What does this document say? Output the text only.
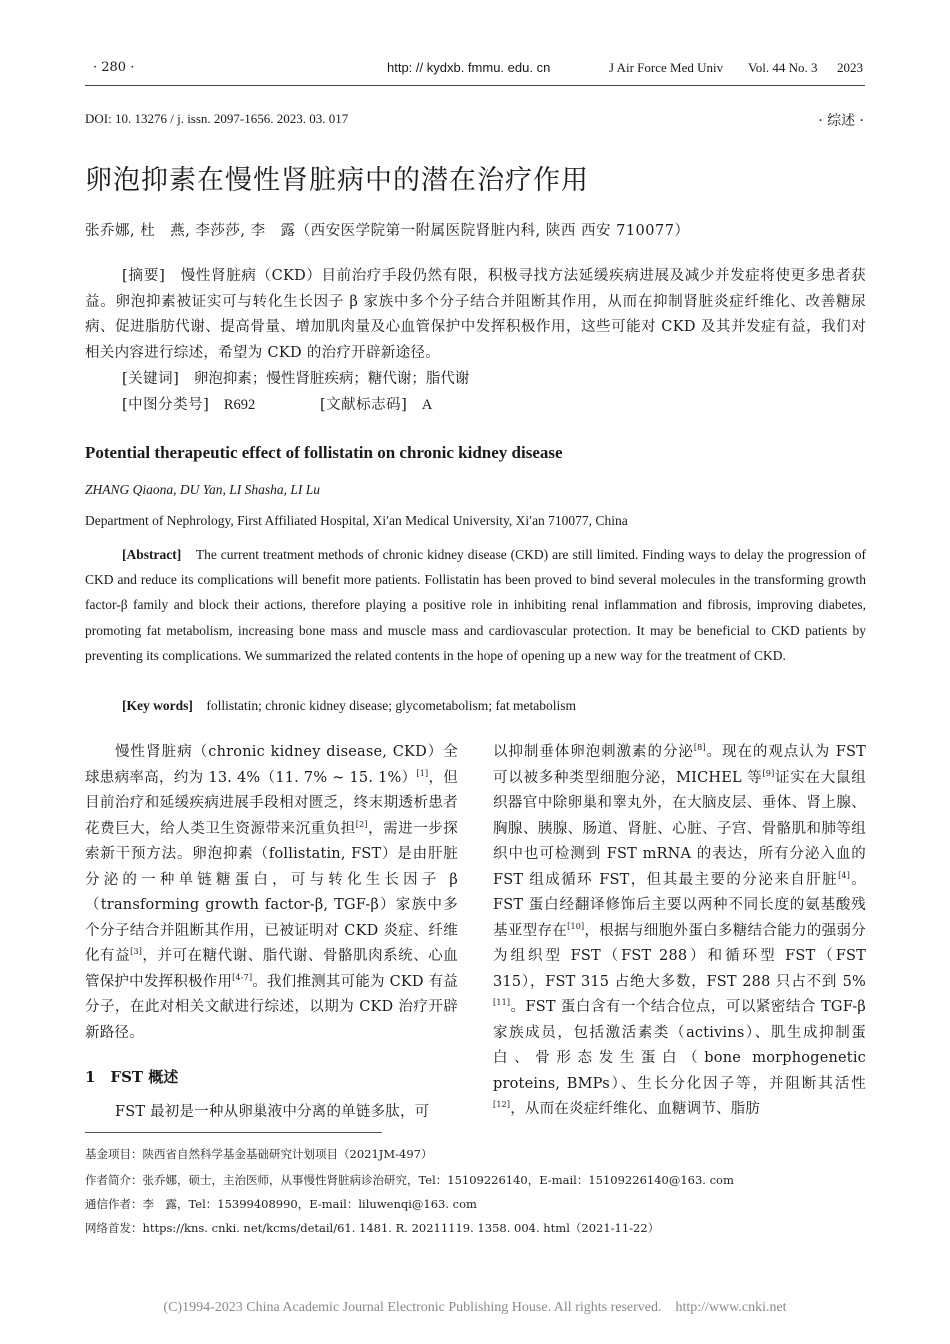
· 280 ·	http: // kydxb. fmmu. edu. cn	J Air Force Med Univ Vol. 44 No. 3 2023
DOI: 10. 13276 / j. issn. 2097-1656. 2023. 03. 017	· 综述 ·
卵泡抑素在慢性肾脏病中的潜在治疗作用
张乔娜, 杜　燕, 李莎莎, 李　露（西安医学院第一附属医院肾脏内科, 陕西 西安 710077）
[摘要]　 慢性肾脏病（CKD）目前治疗手段仍然有限，积极寻找方法延缓疾病进展及减少并发症将使更多患者获益。卵泡抑素被证实可与转化生长因子 β 家族中多个分子结合并阻断其作用，从而在抑制肾脏炎症纤维化、改善糖尿病、促进脂肪代谢、提高骨量、增加肌肉量及心血管保护中发挥积极作用，这些可能对 CKD 及其并发症有益，我们对相关内容进行综述，希望为 CKD 的治疗开辟新途径。
[关键词]　 卵泡抑素；慢性肾脏疾病；糖代谢；脂代谢
[中图分类号]　 R692	[文献标志码]　 A
Potential therapeutic effect of follistatin on chronic kidney disease
ZHANG Qiaona, DU Yan, LI Shasha, LI Lu
Department of Nephrology, First Affiliated Hospital, Xi′an Medical University, Xi′an 710077, China
[Abstract]　 The current treatment methods of chronic kidney disease (CKD) are still limited. Finding ways to delay the progression of CKD and reduce its complications will benefit more patients. Follistatin has been proved to bind several molecules in the transforming growth factor-β family and block their actions, therefore playing a positive role in inhibiting renal inflammation and fibrosis, improving diabetes, promoting fat metabolism, increasing bone mass and muscle mass and cardiovascular protection. It may be beneficial to CKD patients by preventing its complications. We summarized the related contents in the hope of opening up a new way for the treatment of CKD.
[Key words]　 follistatin; chronic kidney disease; glycometabolism; fat metabolism

慢性肾脏病（chronic kidney disease, CKD）全球患病率高，约为 13. 4%（11. 7% ~ 15. 1%）[1]，但目前治疗和延缓疾病进展手段相对匮乏，终末期透析患者花费巨大，给人类卫生资源带来沉重负担[2]，需进一步探索新干预方法。卵泡抑素（follistatin, FST）是由肝脏分泌的一种单链糖蛋白，可与转化生长因子 β（transforming growth factor-β, TGF-β）家族中多个分子结合并阻断其作用，已被证明对 CKD 炎症、纤维化有益[3]，并可在糖代谢、脂代谢、骨骼肌肉系统、心血管保护中发挥积极作用[4-7]。我们推测其可能为 CKD 有益分子，在此对相关文献进行综述，以期为 CKD 治疗开辟新路径。

1　FST 概述

FST 最初是一种从卵巢液中分离的单链多肽，可

以抑制垂体卵泡刺激素的分泌[8]。现在的观点认为 FST 可以被多种类型细胞分泌，MICHEL 等[9]证实在大鼠组织器官中除卵巢和睾丸外，在大脑皮层、垂体、肾上腺、胸腺、胰腺、肠道、肾脏、心脏、子宫、骨骼肌和肺等组织中也可检测到 FST mRNA 的表达，所有分泌入血的 FST 组成循环 FST，但其最主要的分泌来自肝脏[4]。FST 蛋白经翻译修饰后主要以两种不同长度的氨基酸残基亚型存在[10]，根据与细胞外蛋白多糖结合能力的强弱分为组织型 FST（FST 288）和循环型 FST（FST 315），FST 315 占绝大多数，FST 288 只占不到 5%[11]。FST 蛋白含有一个结合位点，可以紧密结合 TGF-β 家族成员，包括激活素类（activins）、肌生成抑制蛋白、骨形态发生蛋白（bone morphogenetic proteins, BMPs）、生长分化因子等，并阻断其活性[12]，从而在炎症纤维化、血糖调节、脂肪

基金项目：陕西省自然科学基金基础研究计划项目（2021JM-497）
作者简介：张乔娜，硕士，主治医师，从事慢性肾脏病诊治研究，Tel：15109226140，E-mail：15109226140@163. com
通信作者：李　露，Tel：15399408990，E-mail：liluwenqi@163. com
网络首发：https://kns. cnki. net/kcms/detail/61. 1481. R. 20211119. 1358. 004. html（2021-11-22）
(C)1994-2023 China Academic Journal Electronic Publishing House. All rights reserved.　http://www.cnki.net
